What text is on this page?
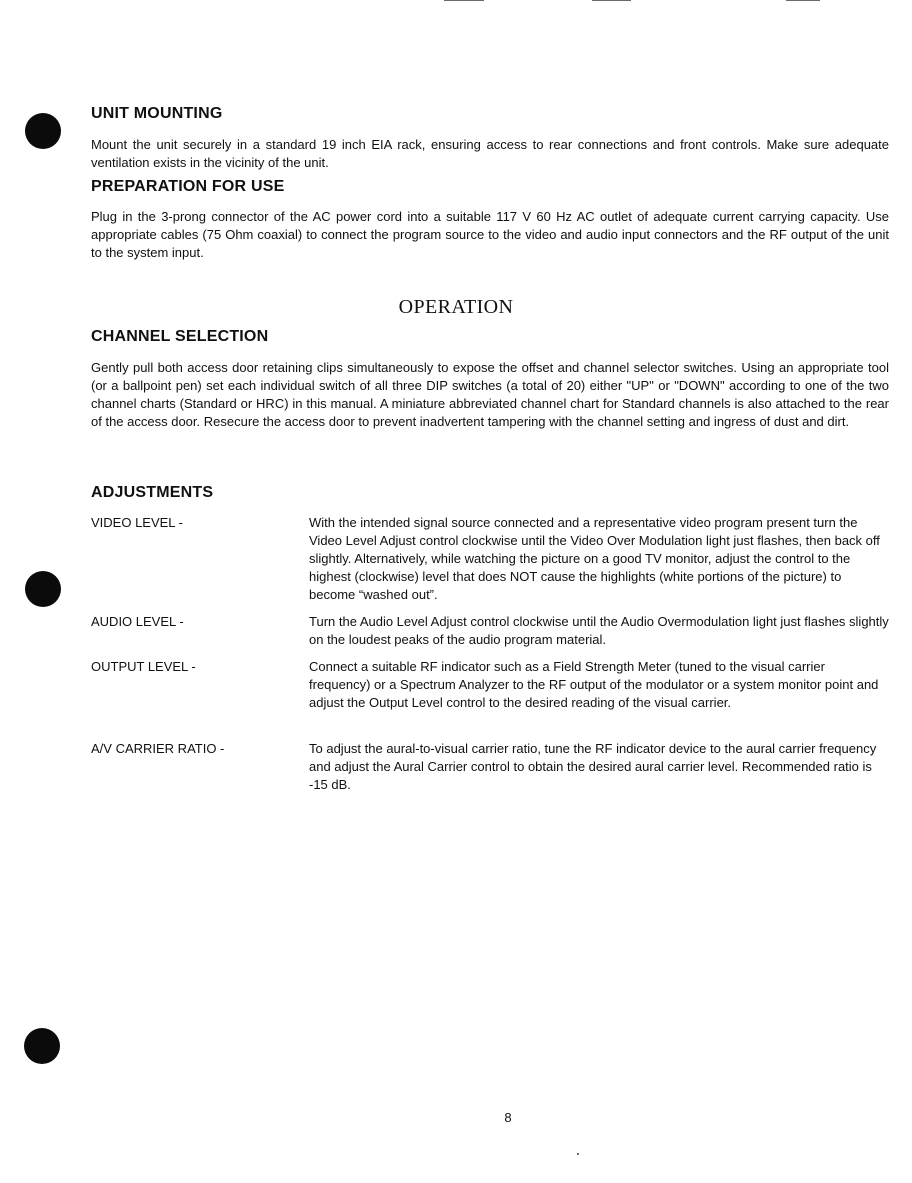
UNIT MOUNTING

Mount the unit securely in a standard 19 inch EIA rack, ensuring access to rear connections and front controls. Make sure adequate ventilation exists in the vicinity of the unit.

PREPARATION FOR USE

Plug in the 3-prong connector of the AC power cord into a suitable 117 V 60 Hz AC outlet of adequate current carrying capacity. Use appropriate cables (75 Ohm coaxial) to connect the program source to the video and audio input connectors and the RF output of the unit to the system input.

OPERATION
CHANNEL SELECTION

Gently pull both access door retaining clips simultaneously to expose the offset and channel selector switches. Using an appropriate tool (or a ballpoint pen) set each individual switch of all three DIP switches (a total of 20) either "UP" or "DOWN" according to one of the two channel charts (Standard or HRC) in this manual. A miniature abbreviated channel chart for Standard channels is also attached to the rear of the access door. Resecure the access door to prevent inadvertent tampering with the channel setting and ingress of dust and dirt.

ADJUSTMENTS

VIDEO LEVEL -	With the intended signal source connected and a representative video program present turn the Video Level Adjust control clockwise until the Video Over Modulation light just flashes, then back off slightly. Alternatively, while watching the picture on a good TV monitor, adjust the control to the highest (clockwise) level that does NOT cause the highlights (white portions of the picture) to become “washed out”.

AUDIO LEVEL -	Turn the Audio Level Adjust control clockwise until the Audio Overmodulation light just flashes slightly on the loudest peaks of the audio program material.

OUTPUT LEVEL -	Connect a suitable RF indicator such as a Field Strength Meter (tuned to the visual carrier frequency) or a Spectrum Analyzer to the RF output of the modulator or a system monitor point and adjust the Output Level control to the desired reading of the visual carrier.

A/V CARRIER RATIO -	To adjust the aural-to-visual carrier ratio, tune the RF indicator device to the aural carrier frequency and adjust the Aural Carrier control to obtain the desired aural carrier level. Recommended ratio is -15 dB.

8
